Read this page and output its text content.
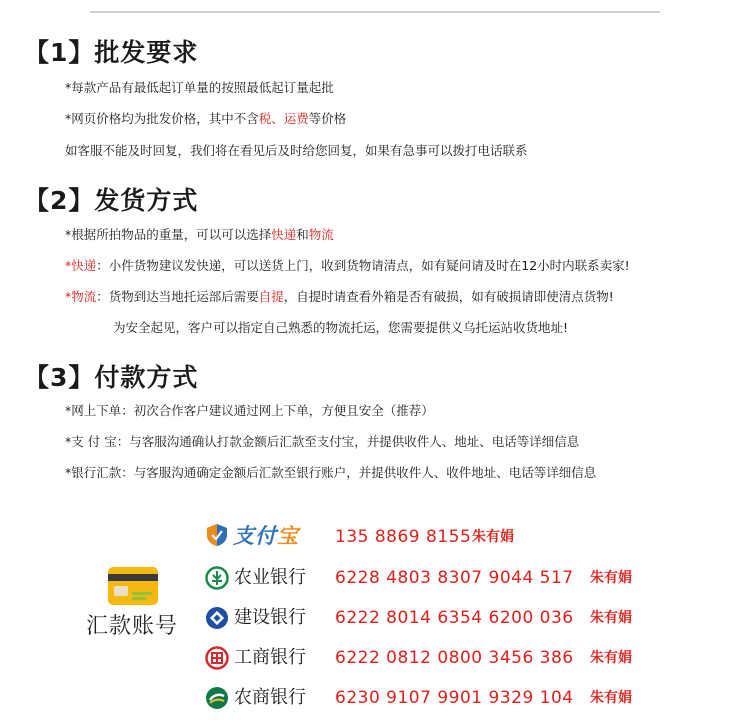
【1】批发要求
*每款产品有最低起订单量的按照最低起订量起批
*网页价格均为批发价格，其中不含税、运费等价格
如客服不能及时回复，我们将在看见后及时给您回复，如果有急事可以拨打电话联系
【2】发货方式
*根据所拍物品的重量，可以可以选择快递和物流
*快递：小件货物建议发快递，可以送货上门，收到货物请清点，如有疑问请及时在12小时内联系卖家!
*物流：货物到达当地托运部后需要自提，自提时请查看外箱是否有破损，如有破损请即使清点货物!
为安全起见，客户可以指定自己熟悉的物流托运，您需要提供义乌托运站收货地址!
【3】付款方式
*网上下单：初次合作客户建议通过网上下单，方便且安全（推荐）
*支 付 宝：与客服沟通确认打款金额后汇款至支付宝，并提供收件人、地址、电话等详细信息
*银行汇款：与客服沟通确定金额后汇款至银行账户，并提供收件人、收件地址、电话等详细信息
汇款账号
支付宝 135 8869 8155 朱有娟
农业银行 6228 4803 8307 9044 517 朱有娟
建设银行 6222 8014 6354 6200 036 朱有娟
工商银行 6222 0812 0800 3456 386 朱有娟
农商银行 6230 9107 9901 9329 104 朱有娟
